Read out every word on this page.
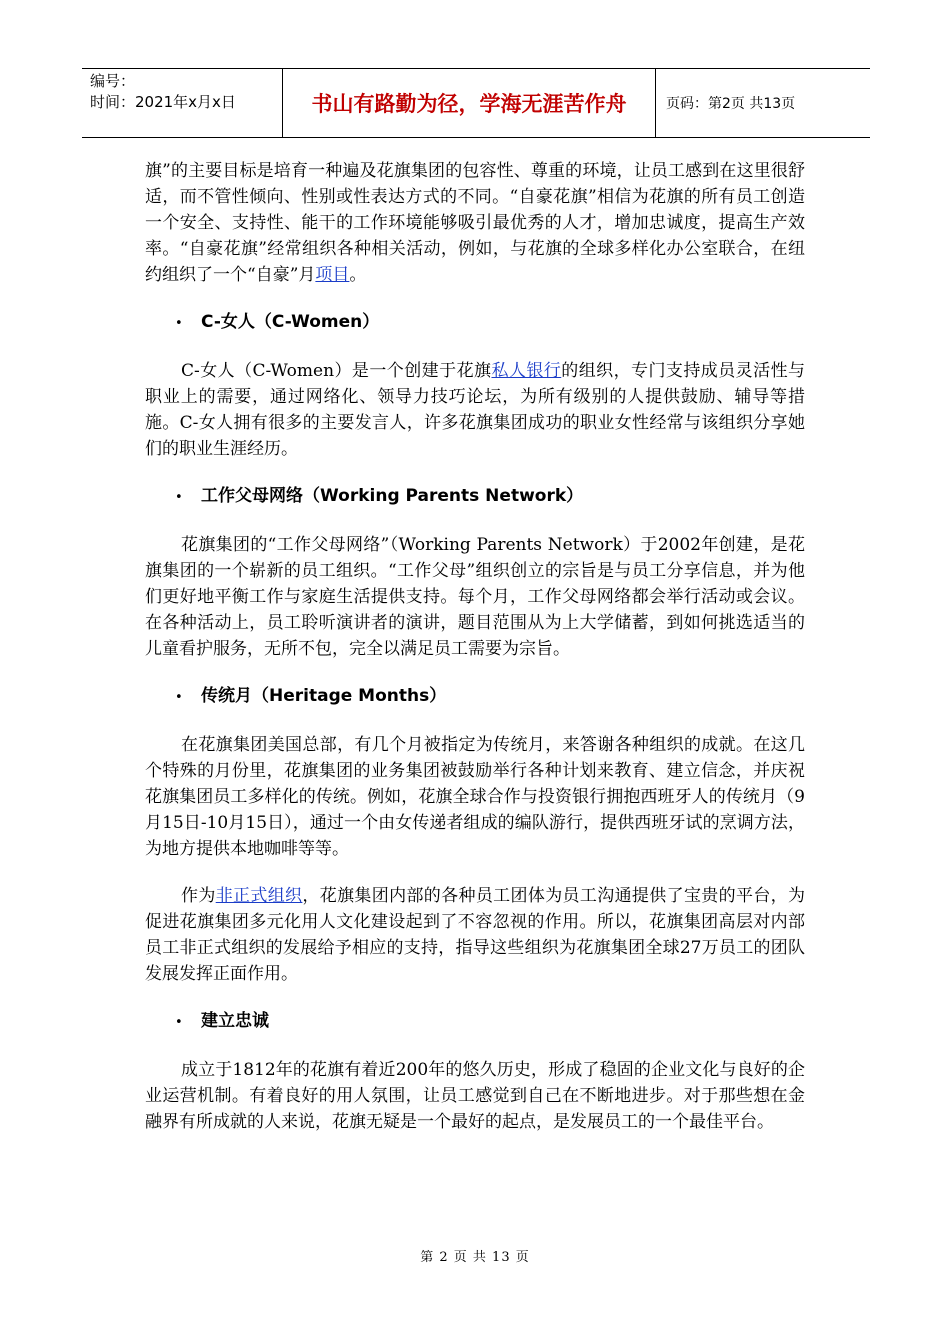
编号：
时间：2021年x月x日	书山有路勤为径，学海无涯苦作舟	页码：第2页 共13页

旗”的主要目标是培育一种遍及花旗集团的包容性、尊重的环境，让员工感到在这里很舒适，而不管性倾向、性别或性表达方式的不同。“自豪花旗”相信为花旗的所有员工创造一个安全、支持性、能干的工作环境能够吸引最优秀的人才，增加忠诚度，提高生产效率。“自豪花旗”经常组织各种相关活动，例如，与花旗的全球多样化办公室联合，在纽约组织了一个“自豪”月项目。

•	C-女人（C-Women）

C-女人（C-Women）是一个创建于花旗私人银行的组织，专门支持成员灵活性与职业上的需要，通过网络化、领导力技巧论坛，为所有级别的人提供鼓励、辅导等措施。C-女人拥有很多的主要发言人，许多花旗集团成功的职业女性经常与该组织分享她们的职业生涯经历。

•	工作父母网络（Working Parents Network）

花旗集团的“工作父母网络”（Working Parents Network）于2002年创建，是花旗集团的一个崭新的员工组织。“工作父母”组织创立的宗旨是与员工分享信息，并为他们更好地平衡工作与家庭生活提供支持。每个月，工作父母网络都会举行活动或会议。在各种活动上，员工聆听演讲者的演讲，题目范围从为上大学储蓄，到如何挑选适当的儿童看护服务，无所不包，完全以满足员工需要为宗旨。

•	传统月（Heritage Months）

在花旗集团美国总部，有几个月被指定为传统月，来答谢各种组织的成就。在这几个特殊的月份里，花旗集团的业务集团被鼓励举行各种计划来教育、建立信念，并庆祝花旗集团员工多样化的传统。例如，花旗全球合作与投资银行拥抱西班牙人的传统月（9月15日-10月15日），通过一个由女传递者组成的编队游行，提供西班牙试的烹调方法，为地方提供本地咖啡等等。

作为非正式组织，花旗集团内部的各种员工团体为员工沟通提供了宝贵的平台，为促进花旗集团多元化用人文化建设起到了不容忽视的作用。所以，花旗集团高层对内部员工非正式组织的发展给予相应的支持，指导这些组织为花旗集团全球27万员工的团队发展发挥正面作用。

•	建立忠诚

成立于1812年的花旗有着近200年的悠久历史，形成了稳固的企业文化与良好的企业运营机制。有着良好的用人氛围，让员工感觉到自己在不断地进步。对于那些想在金融界有所成就的人来说，花旗无疑是一个最好的起点，是发展员工的一个最佳平台。

第 2 页 共 13 页
